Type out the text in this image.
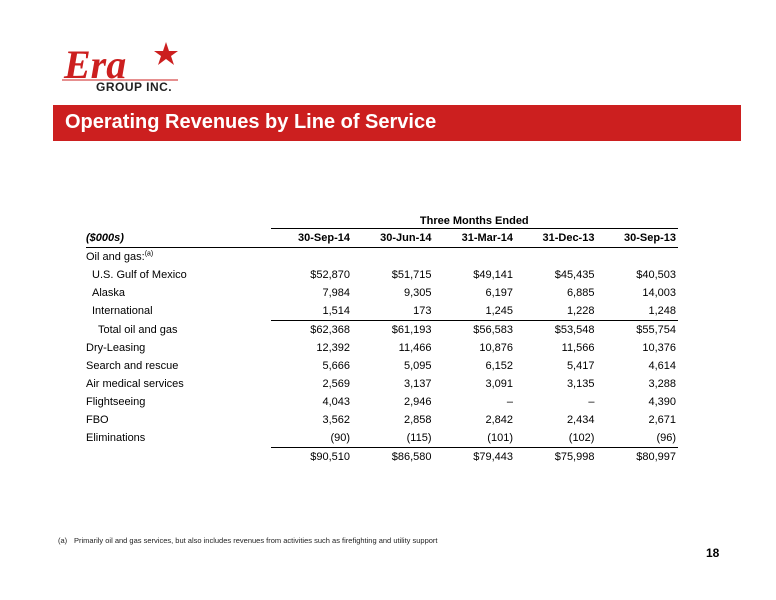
Era
GROUP INC.
Operating Revenues by Line of Service
	Three Months Ended				
($000s)	30-Sep-14	30-Jun-14	31-Mar-14	31-Dec-13	30-Sep-13
Oil and gas:$^{(a)}$					
U.S. Gulf of Mexico	$52,870	$51,715	$49,141	$45,435	$40,503
Alaska	7,984	9,305	6,197	6,885	14,003
International	1,514	173	1,245	1,228	1,248
Total oil and gas	$62,368	$61,193	$56,583	$53,548	$55,754
Dry-Leasing	12,392	11,466	10,876	11,566	10,376
Search and rescue	5,666	5,095	6,152	5,417	4,614
Air medical services	2,569	3,137	3,091	3,135	3,288
Flightseeing	4,043	2,946	–	–	4,390
FBO	3,562	2,858	2,842	2,434	2,671
Eliminations	(90)	(115)	(101)	(102)	(96)
	$90,510	$86,580	$79,443	$75,998	$80,997
(a) Primarily oil and gas services, but also includes revenues from activities such as firefighting and utility support
18
